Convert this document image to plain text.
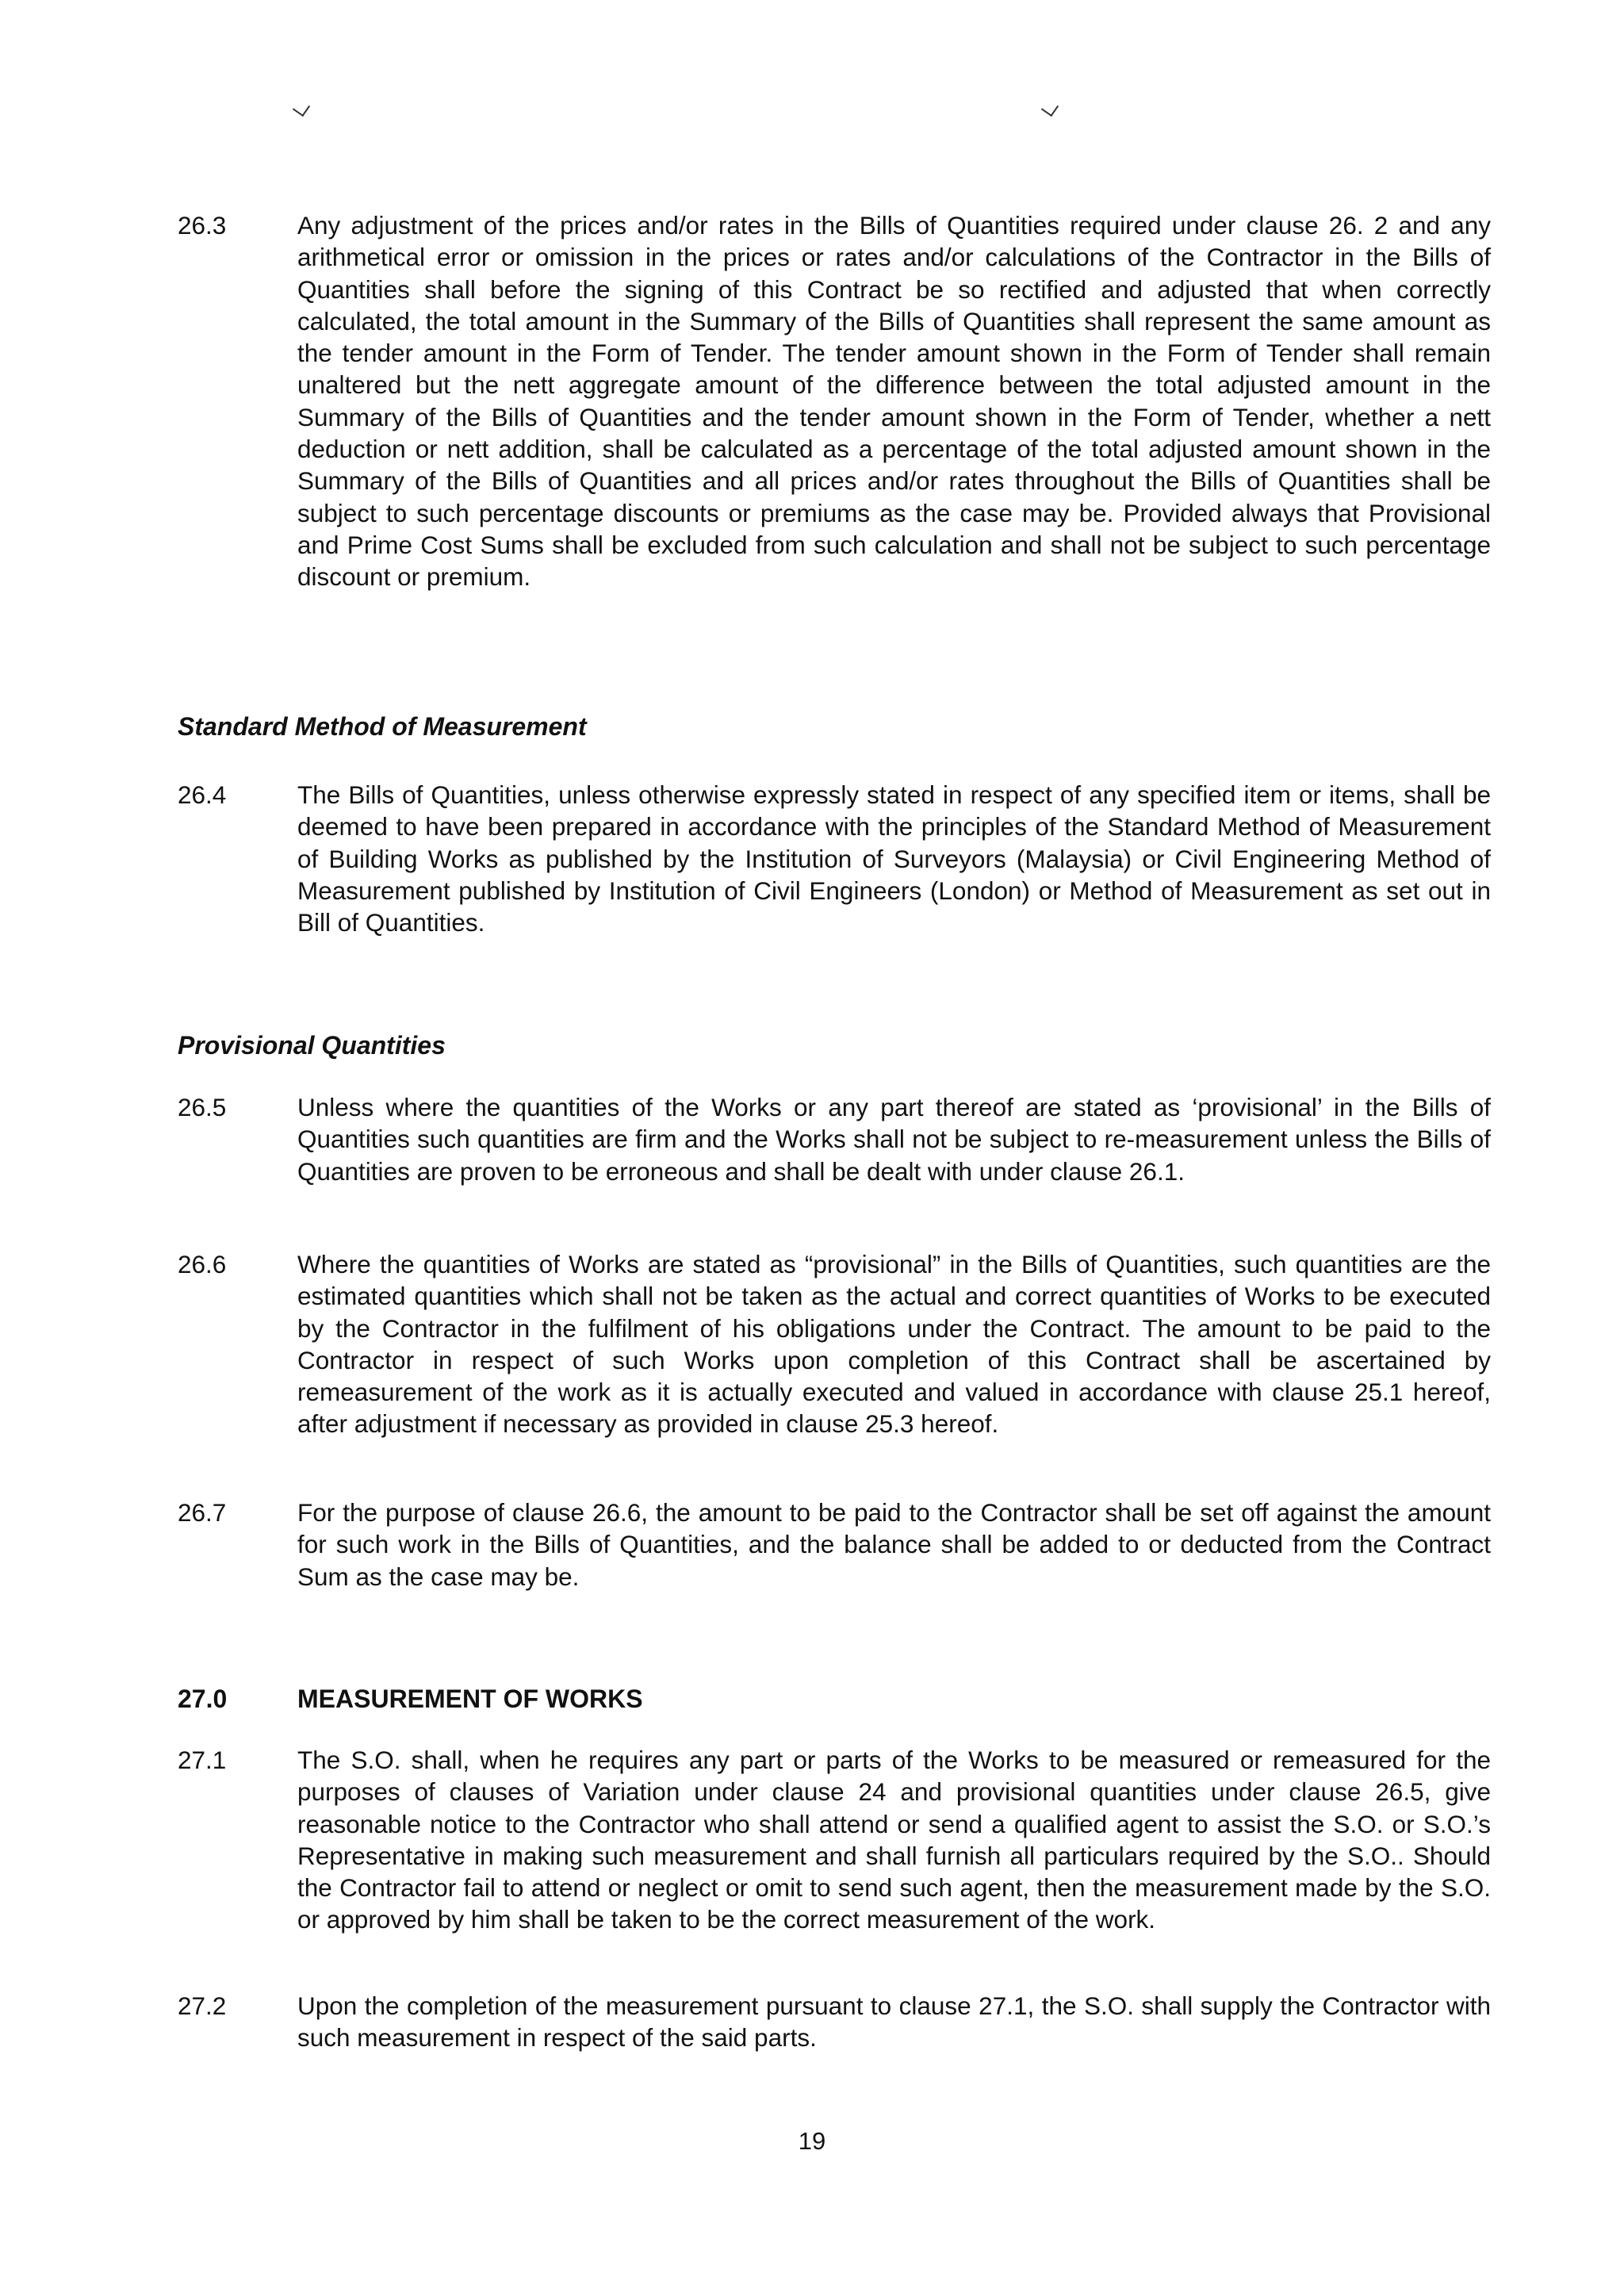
26.3	Any adjustment of the prices and/or rates in the Bills of Quantities required under clause 26. 2 and any arithmetical error or omission in the prices or rates and/or calculations of the Contractor in the Bills of Quantities shall before the signing of this Contract be so rectified and adjusted that when correctly calculated, the total amount in the Summary of the Bills of Quantities shall represent the same amount as the tender amount in the Form of Tender. The tender amount shown in the Form of Tender shall remain unaltered but the nett aggregate amount of the difference between the total adjusted amount in the Summary of the Bills of Quantities and the tender amount shown in the Form of Tender, whether a nett deduction or nett addition, shall be calculated as a percentage of the total adjusted amount shown in the Summary of the Bills of Quantities and all prices and/or rates throughout the Bills of Quantities shall be subject to such percentage discounts or premiums as the case may be. Provided always that Provisional and Prime Cost Sums shall be excluded from such calculation and shall not be subject to such percentage discount or premium.
Standard Method of Measurement
26.4	The Bills of Quantities, unless otherwise expressly stated in respect of any specified item or items, shall be deemed to have been prepared in accordance with the principles of the Standard Method of Measurement of Building Works as published by the Institution of Surveyors (Malaysia) or Civil Engineering Method of Measurement published by Institution of Civil Engineers (London) or Method of Measurement as set out in Bill of Quantities.
Provisional Quantities
26.5	Unless where the quantities of the Works or any part thereof are stated as ‘provisional’ in the Bills of Quantities such quantities are firm and the Works shall not be subject to re-measurement unless the Bills of Quantities are proven to be erroneous and shall be dealt with under clause 26.1.
26.6	Where the quantities of Works are stated as “provisional” in the Bills of Quantities, such quantities are the estimated quantities which shall not be taken as the actual and correct quantities of Works to be executed by the Contractor in the fulfilment of his obligations under the Contract. The amount to be paid to the Contractor in respect of such Works upon completion of this Contract shall be ascertained by remeasurement of the work as it is actually executed and valued in accordance with clause 25.1 hereof, after adjustment if necessary as provided in clause 25.3 hereof.
26.7	For the purpose of clause 26.6, the amount to be paid to the Contractor shall be set off against the amount for such work in the Bills of Quantities, and the balance shall be added to or deducted from the Contract Sum as the case may be.
27.0	MEASUREMENT OF WORKS
27.1	The S.O. shall, when he requires any part or parts of the Works to be measured or remeasured for the purposes of clauses of Variation under clause 24 and provisional quantities under clause 26.5, give reasonable notice to the Contractor who shall attend or send a qualified agent to assist the S.O. or S.O.’s Representative in making such measurement and shall furnish all particulars required by the S.O.. Should the Contractor fail to attend or neglect or omit to send such agent, then the measurement made by the S.O. or approved by him shall be taken to be the correct measurement of the work.
27.2	Upon the completion of the measurement pursuant to clause 27.1, the S.O. shall supply the Contractor with such measurement in respect of the said parts.
19
